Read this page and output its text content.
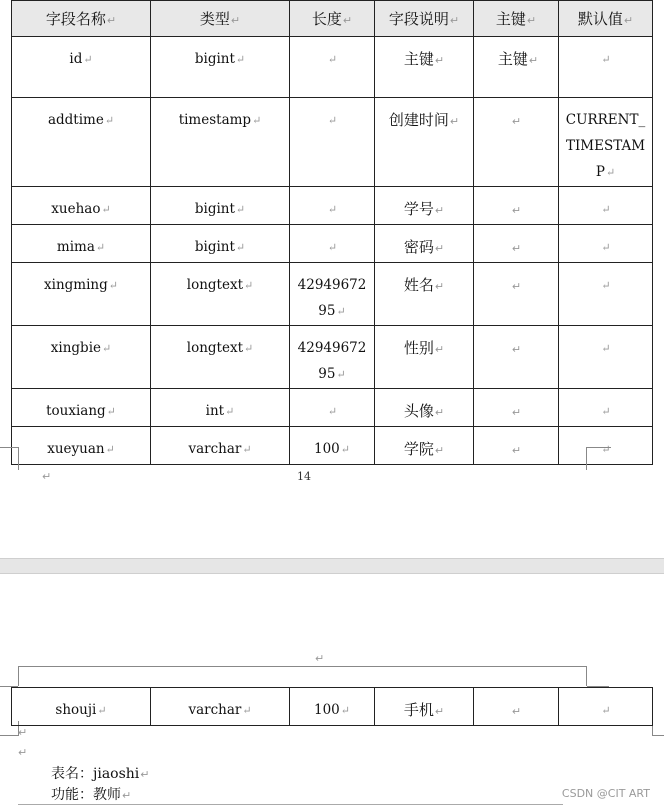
字段名称↵	类型↵	长度↵	字段说明↵	主键↵	默认值↵

id↵	bigint↵	↵	主键↵	主键↵	↵

addtime↵	timestamp↵	↵	创建时间↵	↵	CURRENT_TIMESTAMP↵

xuehao↵	bigint↵	↵	学号↵	↵	↵

mima↵	bigint↵	↵	密码↵	↵	↵

xingming↵	longtext↵	4294967295↵	姓名↵	↵	↵

xingbie↵	longtext↵	4294967295↵	性别↵	↵	↵

touxiang↵	int↵	↵	头像↵	↵	↵

xueyuan↵	varchar↵	100↵	学院↵	↵	↵
↵	14
↵
shouji↵	varchar↵	100↵	手机↵	↵	↵
↵
↵
表名：jiaoshi↵
功能：教师↵	CSDN @CIT ART
